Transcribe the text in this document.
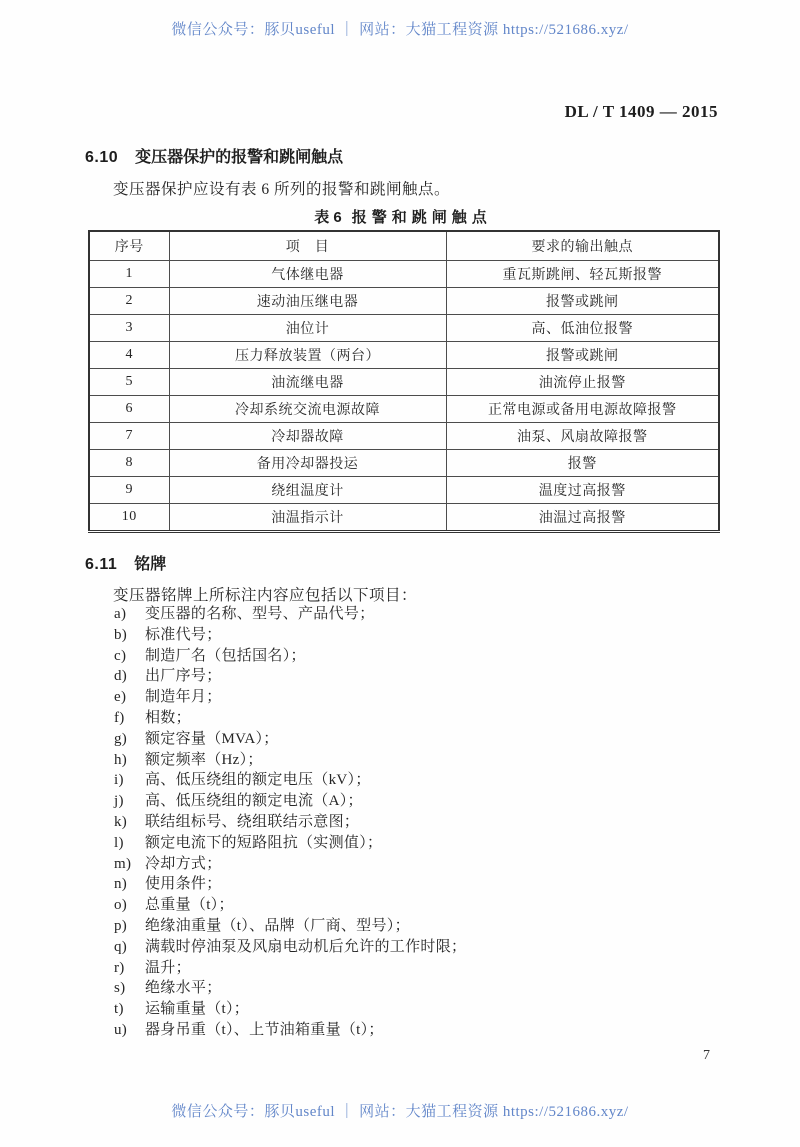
微信公众号：豚贝useful ｜ 网站：大猫工程资源 https://521686.xyz/
DL / T 1409 — 2015
6.10 变压器保护的报警和跳闸触点

变压器保护应设有表 6 所列的报警和跳闸触点。

表 6 报警和跳闸触点
序号	项　目	要求的输出触点
1	气体继电器	重瓦斯跳闸、轻瓦斯报警
2	速动油压继电器	报警或跳闸
3	油位计	高、低油位报警
4	压力释放装置（两台）	报警或跳闸
5	油流继电器	油流停止报警
6	冷却系统交流电源故障	正常电源或备用电源故障报警
7	冷却器故障	油泵、风扇故障报警
8	备用冷却器投运	报警
9	绕组温度计	温度过高报警
10	油温指示计	油温过高报警
6.11 铭牌

变压器铭牌上所标注内容应包括以下项目：

a)	变压器的名称、型号、产品代号；
b)	标准代号；
c)	制造厂名（包括国名）；
d)	出厂序号；
e)	制造年月；
f)	相数；
g)	额定容量（MVA）；
h)	额定频率（Hz）；
i)	高、低压绕组的额定电压（kV）；
j)	高、低压绕组的额定电流（A）；
k)	联结组标号、绕组联结示意图；
l)	额定电流下的短路阻抗（实测值）；
m) 冷却方式；
n)	使用条件；
o)	总重量（t）；
p)	绝缘油重量（t）、品牌（厂商、型号）；
q)	满载时停油泵及风扇电动机后允许的工作时限；
r)	温升；
s)	绝缘水平；
t)	运输重量（t）；
u)	器身吊重（t）、上节油箱重量（t）；
7
微信公众号：豚贝useful ｜ 网站：大猫工程资源 https://521686.xyz/
